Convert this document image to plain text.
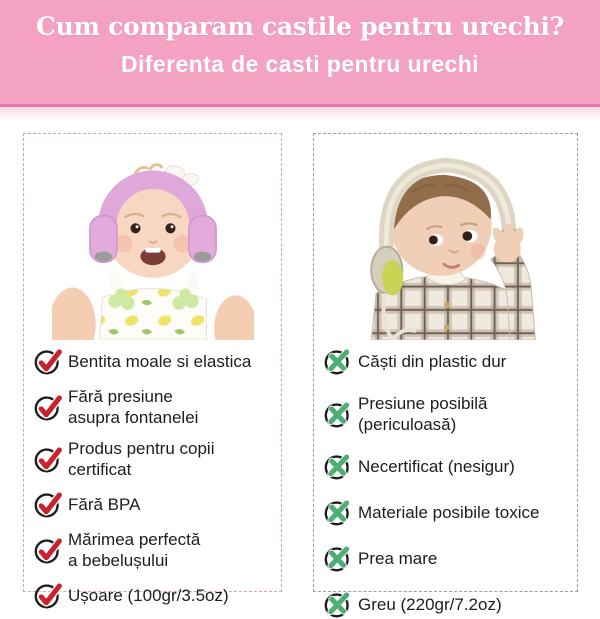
Cum comparam castile pentru urechi?
Diferenta de casti pentru urechi
Bentita moale si elastica
Fără presiune
asupra fontanelei
Produs pentru copii
certificat
Fără BPA
Mărimea perfectă
a bebelușului
Ușoare (100gr/3.5oz)
Căști din plastic dur
Presiune posibilă
(periculoasă)
Necertificat (nesigur)
Materiale posibile toxice
Prea mare
Greu (220gr/7.2oz)
